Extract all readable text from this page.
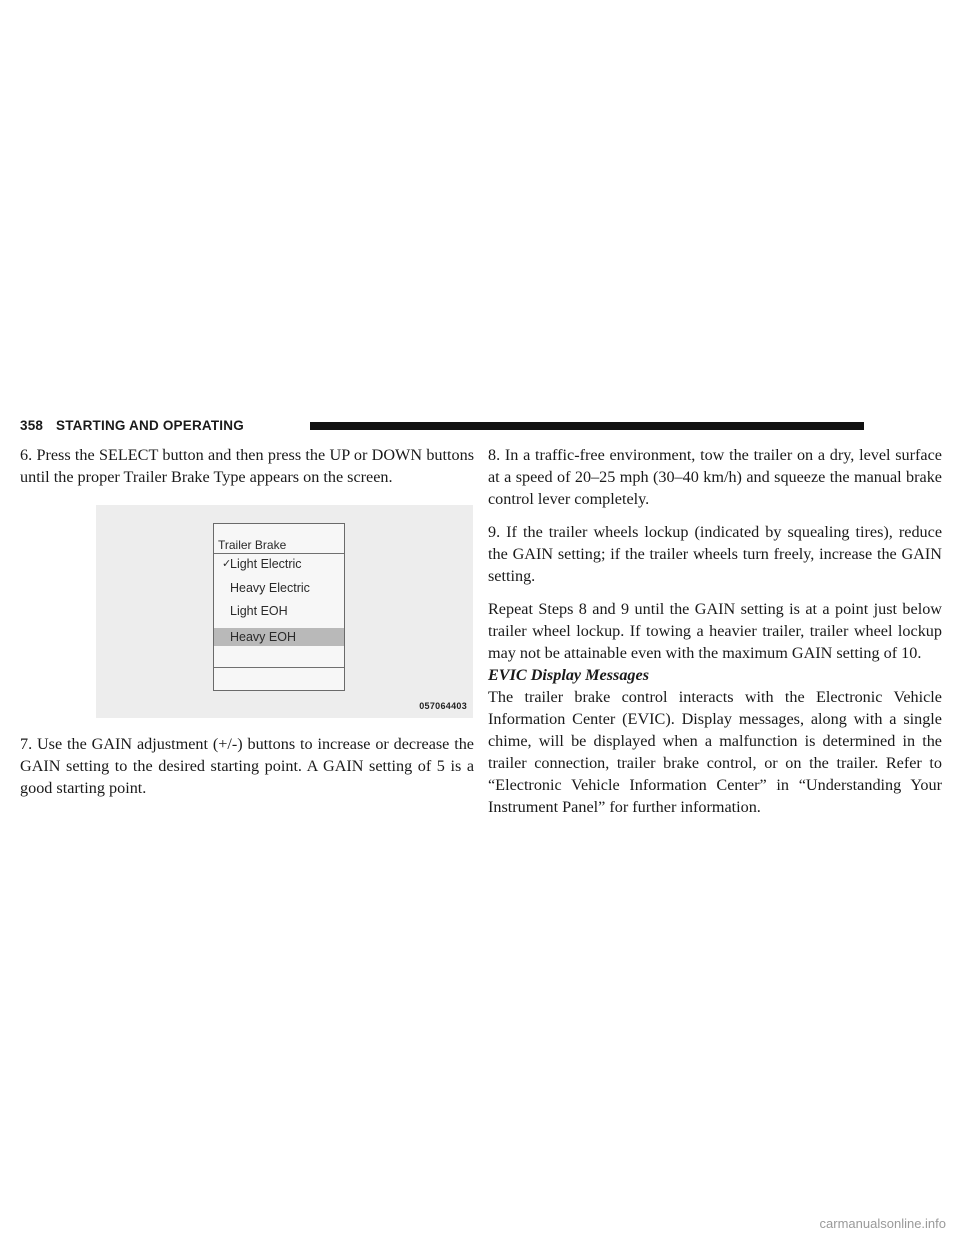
358 STARTING AND OPERATING

6. Press the SELECT button and then press the UP or DOWN buttons until the proper Trailer Brake Type appears on the screen.

Trailer Brake
✓
Light Electric
Heavy Electric
Light EOH
Heavy EOH
057064403

7. Use the GAIN adjustment (+/-) buttons to increase or decrease the GAIN setting to the desired starting point. A GAIN setting of 5 is a good starting point.

8. In a traffic-free environment, tow the trailer on a dry, level surface at a speed of 20–25 mph (30–40 km/h) and squeeze the manual brake control lever completely.

9. If the trailer wheels lockup (indicated by squealing tires), reduce the GAIN setting; if the trailer wheels turn freely, increase the GAIN setting.

Repeat Steps 8 and 9 until the GAIN setting is at a point just below trailer wheel lockup. If towing a heavier trailer, trailer wheel lockup may not be attainable even with the maximum GAIN setting of 10.

EVIC Display Messages

The trailer brake control interacts with the Electronic Vehicle Information Center (EVIC). Display messages, along with a single chime, will be displayed when a malfunction is determined in the trailer connection, trailer brake control, or on the trailer. Refer to “Electronic Vehicle Information Center” in “Understanding Your Instrument Panel” for further information.

carmanualsonline.info
